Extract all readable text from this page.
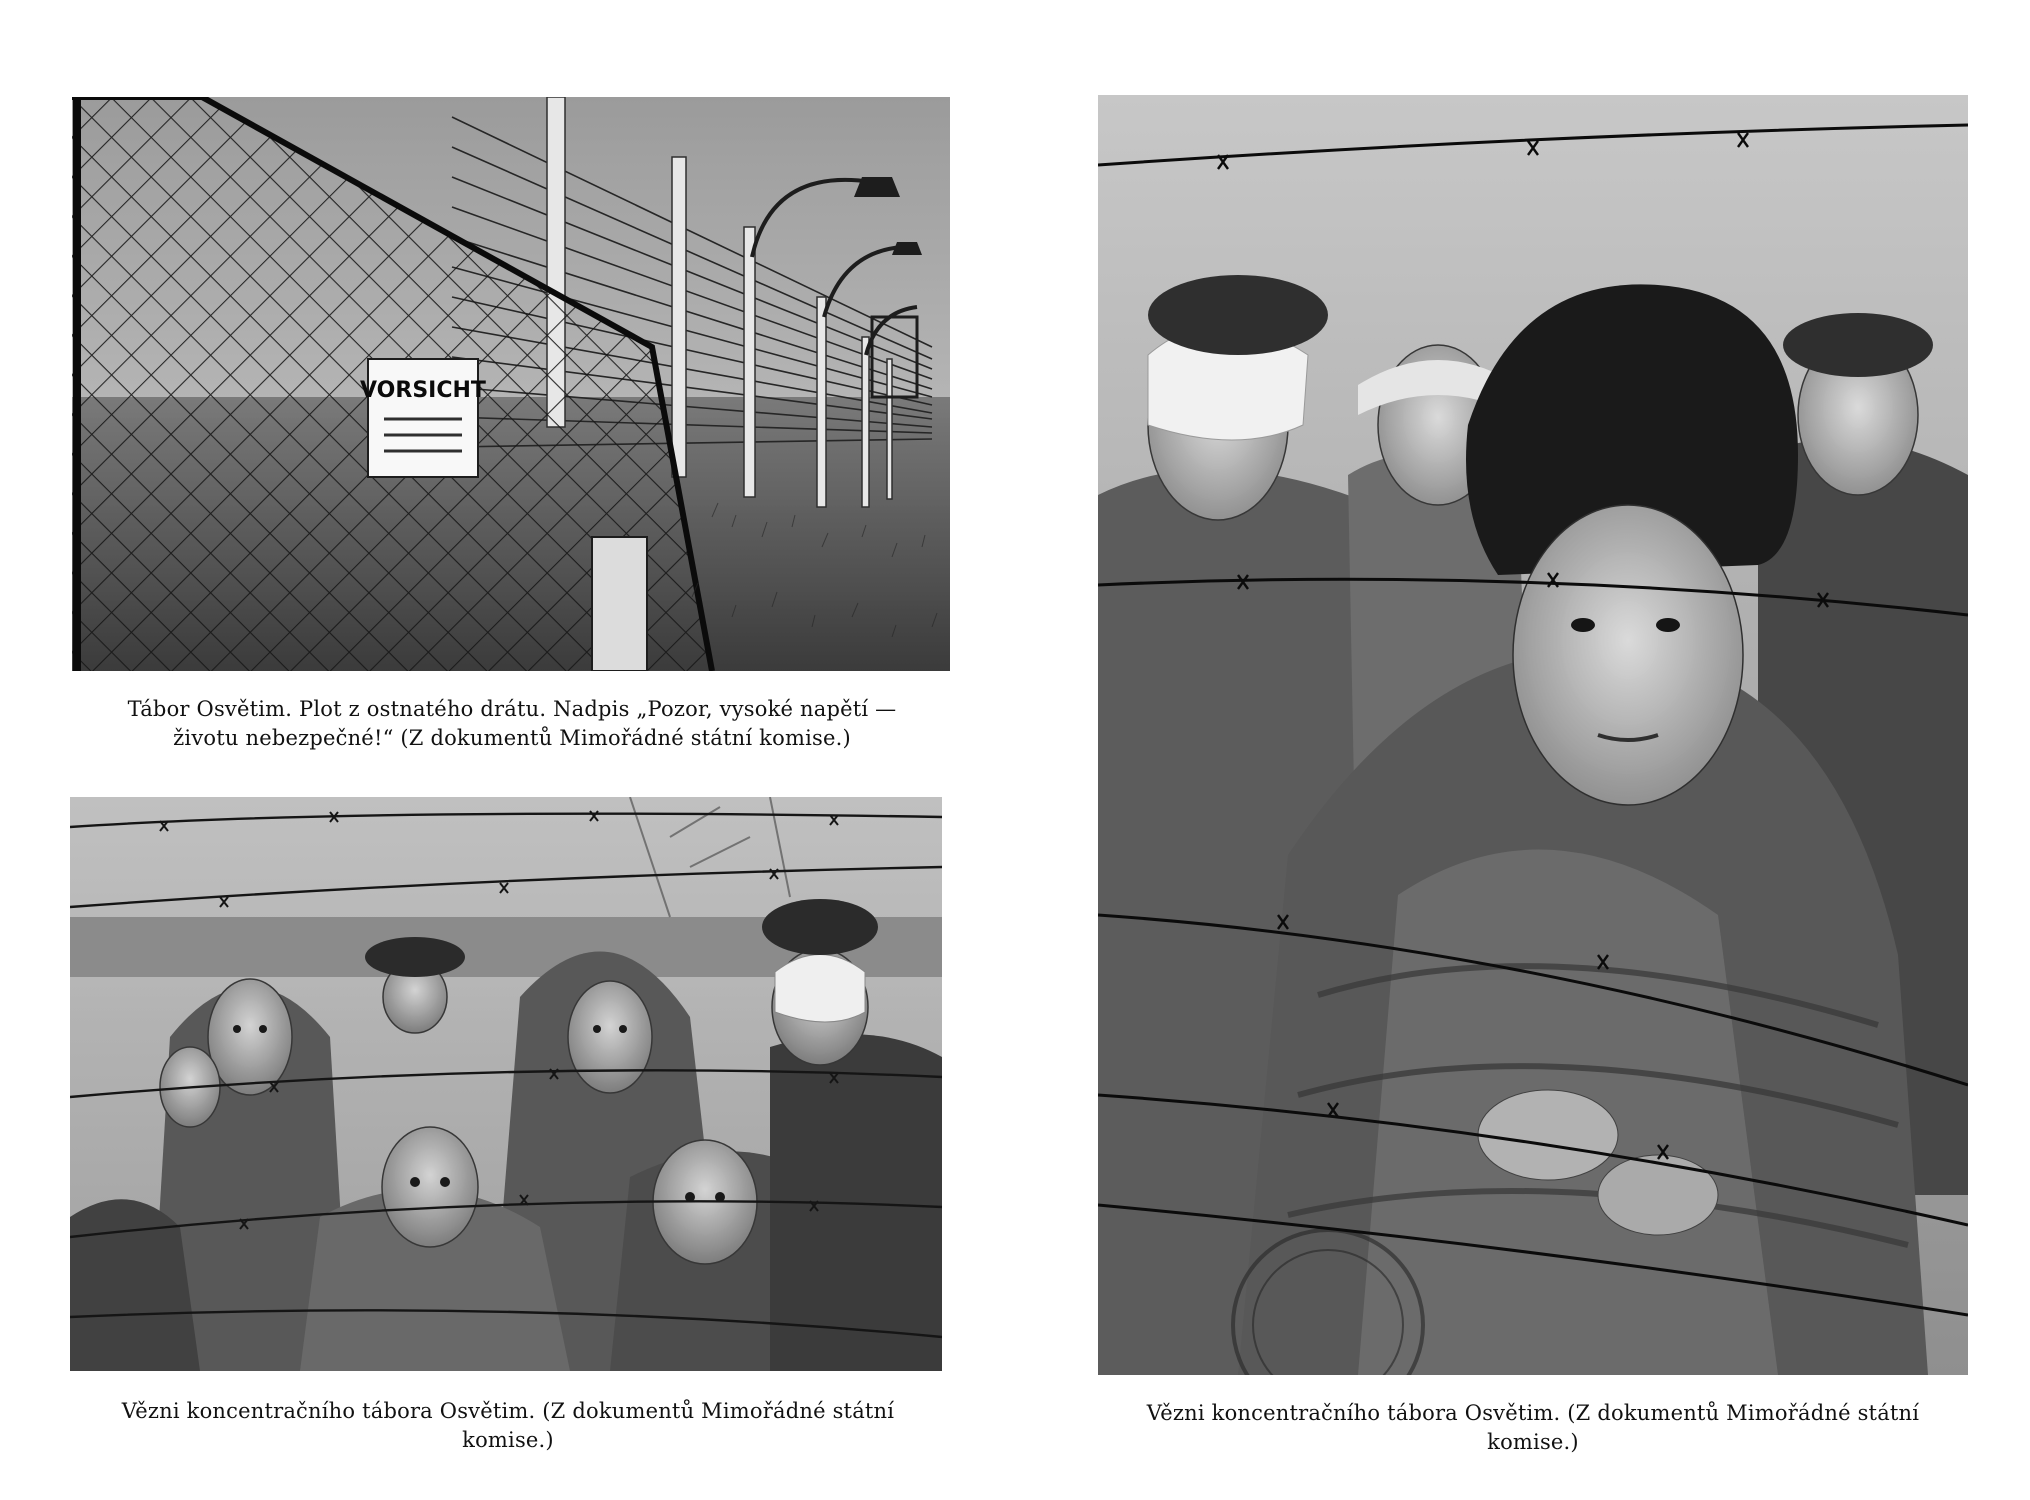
VORSICHT
Tábor Osvětim. Plot z ostnatého drátu. Nadpis „Pozor, vysoké napětí —
životu nebezpečné!“ (Z dokumentů Mimořádné státní komise.)
Vězni koncentračního tábora Osvětim. (Z dokumentů Mimořádné státní
komise.)
Vězni koncentračního tábora Osvětim. (Z dokumentů Mimořádné státní
komise.)
